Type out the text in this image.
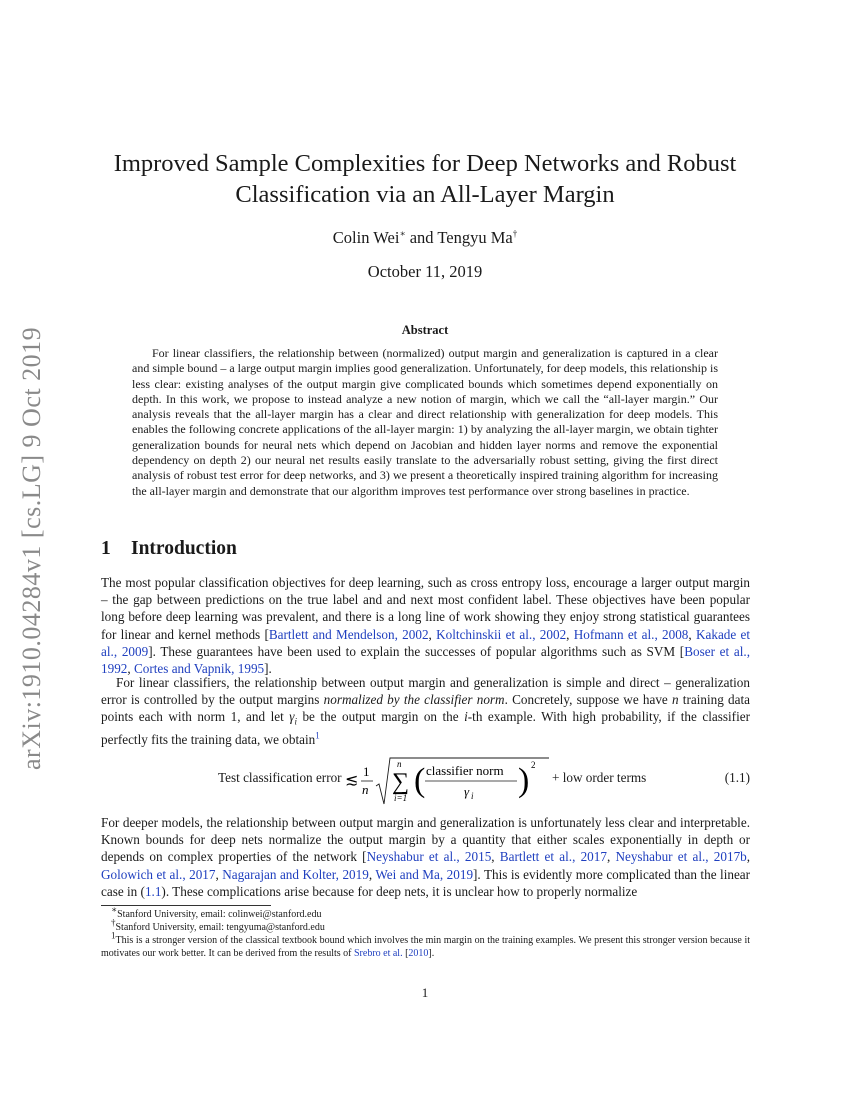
arXiv:1910.04284v1 [cs.LG] 9 Oct 2019
Improved Sample Complexities for Deep Networks and Robust Classification via an All-Layer Margin
Colin Wei∗ and Tengyu Ma†
October 11, 2019
Abstract
For linear classifiers, the relationship between (normalized) output margin and generalization is captured in a clear and simple bound – a large output margin implies good generalization. Unfortunately, for deep models, this relationship is less clear: existing analyses of the output margin give complicated bounds which sometimes depend exponentially on depth. In this work, we propose to instead analyze a new notion of margin, which we call the “all-layer margin.” Our analysis reveals that the all-layer margin has a clear and direct relationship with generalization for deep models. This enables the following concrete applications of the all-layer margin: 1) by analyzing the all-layer margin, we obtain tighter generalization bounds for neural nets which depend on Jacobian and hidden layer norms and remove the exponential dependency on depth 2) our neural net results easily translate to the adversarially robust setting, giving the first direct analysis of robust test error for deep networks, and 3) we present a theoretically inspired training algorithm for increasing the all-layer margin and demonstrate that our algorithm improves test performance over strong baselines in practice.
1 Introduction
The most popular classification objectives for deep learning, such as cross entropy loss, encourage a larger output margin – the gap between predictions on the true label and and next most confident label. These objectives have been popular long before deep learning was prevalent, and there is a long line of work showing they enjoy strong statistical guarantees for linear and kernel methods [Bartlett and Mendelson, 2002, Koltchinskii et al., 2002, Hofmann et al., 2008, Kakade et al., 2009]. These guarantees have been used to explain the successes of popular algorithms such as SVM [Boser et al., 1992, Cortes and Vapnik, 1995].
For linear classifiers, the relationship between output margin and generalization is simple and direct – generalization error is controlled by the output margins normalized by the classifier norm. Concretely, suppose we have n training data points each with norm 1, and let $\gamma_i$ be the output margin on the i-th example. With high probability, if the classifier perfectly fits the training data, we obtain$^1$
Test classification error ≲
1
n
n
∑
i=1 ( classifier norm
γ i ) 2
+ low order terms	(1.1)
For deeper models, the relationship between output margin and generalization is unfortunately less clear and interpretable. Known bounds for deep nets normalize the output margin by a quantity that either scales exponentially in depth or depends on complex properties of the network [Neyshabur et al., 2015, Bartlett et al., 2017, Neyshabur et al., 2017b, Golowich et al., 2017, Nagarajan and Kolter, 2019, Wei and Ma, 2019]. This is evidently more complicated than the linear case in (1.1). These complications arise because for deep nets, it is unclear how to properly normalize

∗Stanford University, email: colinwei@stanford.edu

†Stanford University, email: tengyuma@stanford.edu

$^1$This is a stronger version of the classical textbook bound which involves the min margin on the training examples. We present this stronger version because it motivates our work better. It can be derived from the results of Srebro et al. [2010].

1
